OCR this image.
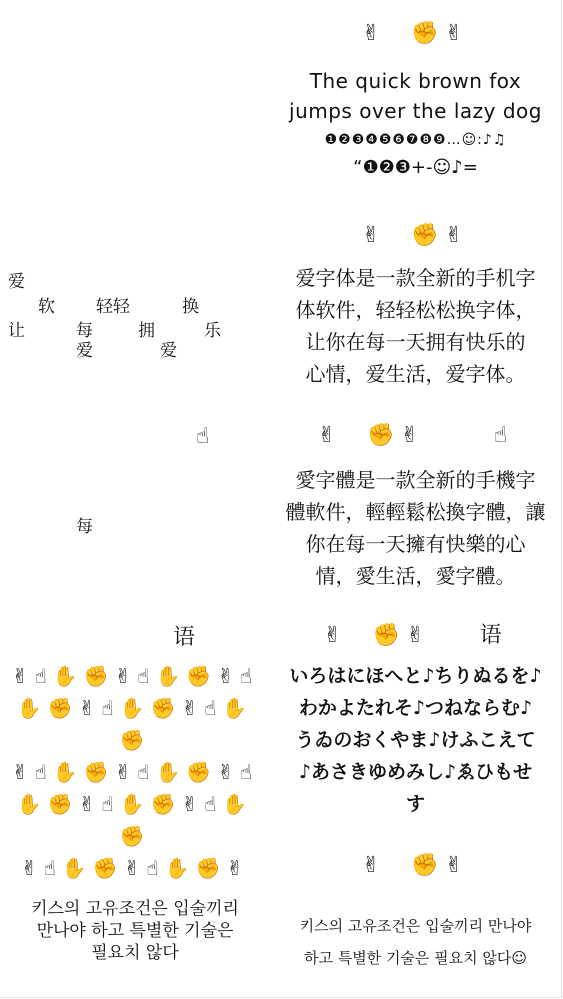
✌ ✊✌
The quick brown fox
jumps over the lazy dog
❶❷❸❹❺❻❼❽❾…☺:♪♫
“❶❷❸+-☺♪=
爱
软 轻轻	换
让	每	拥	乐
爱	爱
✌ ✊✌
爱字体是一款全新的手机字
体软件，轻轻松松换字体，
让你在每一天拥有快乐的
心情，爱生活，爱字体。
☝
每
✌ ✊✌	☝
愛字體是一款全新的手機字
體軟件，輕輕鬆松換字體，讓
你在每一天擁有快樂的心
情，愛生活，愛字體。
语
✌☝✋✊✌☝✋✊✌☝
✋✊✌☝✋✊✌☝✋✊
✌☝✋✊✌☝✋✊✌☝
✋✊✌☝✋✊✌☝✋✊
✌☝✋✊✌☝✋✊✌
✌ ✊✌ 语
いろはにほへと♪ちりぬるを♪
わかよたれそ♪つねならむ♪
うゐのおくやま♪けふこえて
♪あさきゆめみし♪ゑひもせ
す
키스의 고유조건은 입술끼리
만나야 하고 특별한 기술은
필요치 않다
✌ ✊✌
키스의 고유조건은 입술끼리 만나야
하고 특별한 기술은 필요치 않다☺
